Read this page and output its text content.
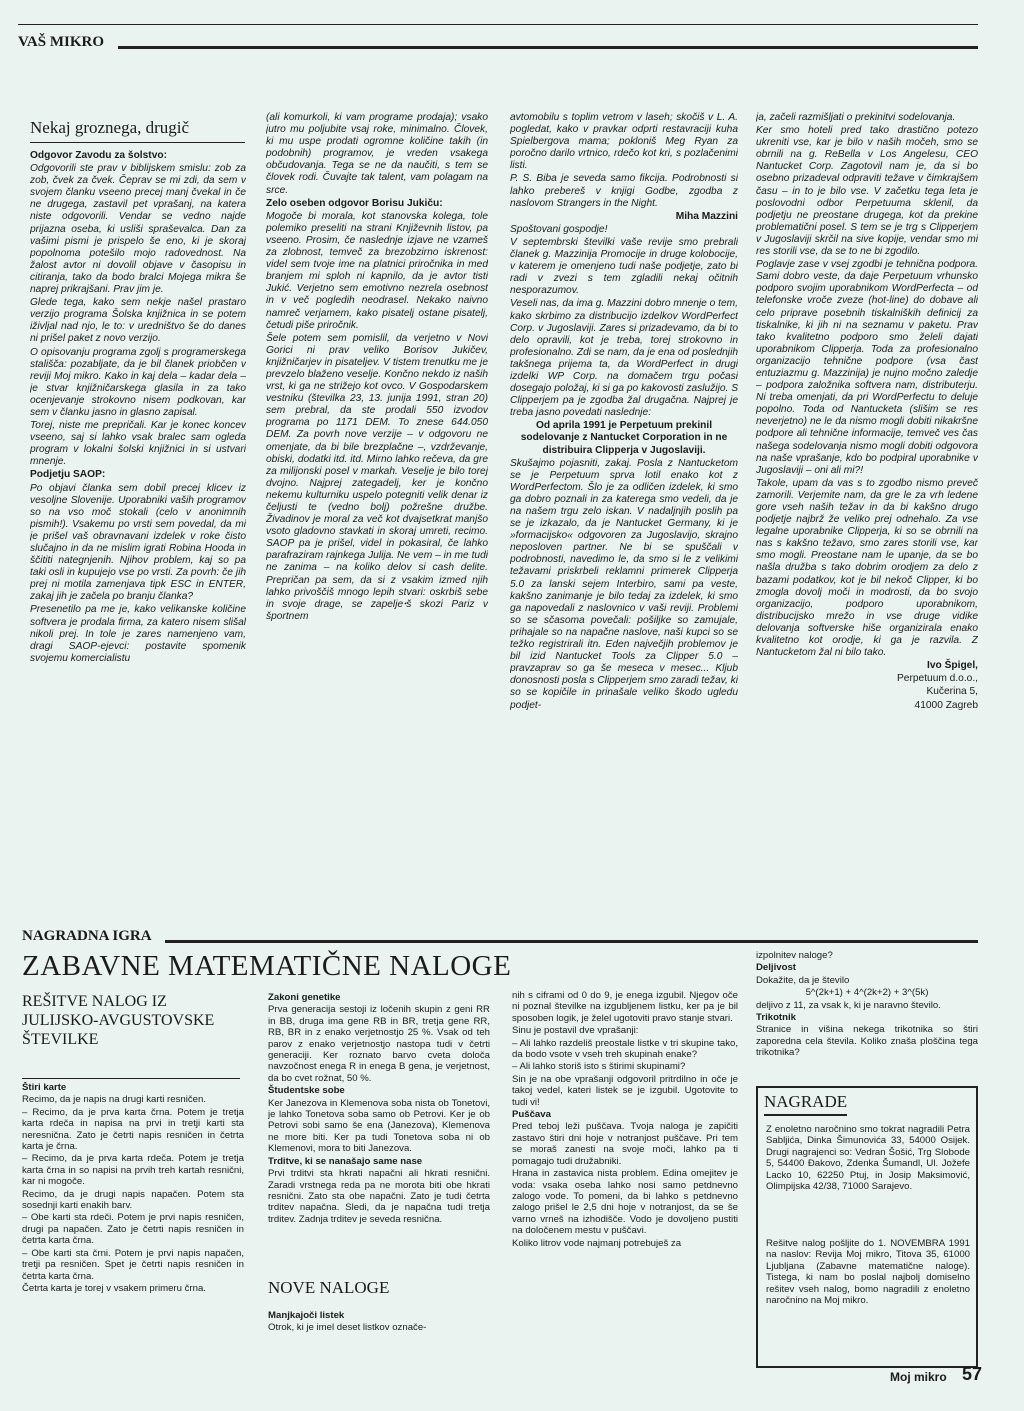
VAŠ MIKRO
Nekaj groznega, drugič

Odgovor Zavodu za šolstvo:

Odgovorili ste prav v biblijskem smislu: zob za zob, čvek za čvek. Čeprav se mi zdi, da sem v svojem članku vseeno precej manj čvekal in če ne drugega, zastavil pet vprašanj, na katera niste odgovorili. Vendar se vedno najde prijazna oseba, ki usliši spraševalca. Dan za vašimi pismi je prispelo še eno, ki je skoraj popolnoma potešilo mojo radovednost. Na žalost avtor ni dovolil objave v časopisu in citiranja, tako da bodo bralci Mojega mikra še naprej prikrajšani. Prav jim je.

Glede tega, kako sem nekje našel prastaro verzijo programa Šolska knjižnica in se potem iživljal nad njo, le to: v uredništvo še do danes ni prišel paket z novo verzijo.

O opisovanju programa zgolj s programerskega stališča: pozabljate, da je bil članek priobčen v reviji Moj mikro. Kako in kaj dela – kadar dela – je stvar knjižničarskega glasila in za tako ocenjevanje strokovno nisem podkovan, kar sem v članku jasno in glasno zapisal.

Torej, niste me prepričali. Kar je konec koncev vseeno, saj si lahko vsak bralec sam ogleda program v lokalni šolski knjižnici in si ustvari mnenje.

Podjetju SAOP:

Po objavi članka sem dobil precej klicev iz vesoljne Slovenije. Uporabniki vaših programov so na vso moč stokali (celo v anonimnih pismih!). Vsakemu po vrsti sem povedal, da mi je prišel vaš obravnavani izdelek v roke čisto slučajno in da ne mislim igrati Robina Hooda in ščititi nategnjenih. Njihov problem, kaj so pa taki osli in kupujejo vse po vrsti. Za povrh: če jih prej ni motila zamenjava tipk ESC in ENTER, zakaj jih je začela po branju članka?

Presenetilo pa me je, kako velikanske količine softvera je prodala firma, za katero nisem slišal nikoli prej. In tole je zares namenjeno vam, dragi SAOP-ejevci: postavite spomenik svojemu komercialistu

(ali komurkoli, ki vam programe prodaja); vsako jutro mu poljubite vsaj roke, minimalno. Človek, ki mu uspe prodati ogromne količine takih (in podobnih) programov, je vreden vsakega občudovanja. Tega se ne da naučiti, s tem se človek rodi. Čuvajte tak talent, vam polagam na srce.

Zelo oseben odgovor Borisu Jukiču:

Mogoče bi morala, kot stanovska kolega, tole polemiko preseliti na strani Književnih listov, pa vseeno. Prosim, če naslednje izjave ne vzameš za zlobnost, temveč za brezobzirno iskrenost: videl sem tvoje ime na platnici priročnika in med branjem mi sploh ni kapnilo, da je avtor tisti Jukić. Verjetno sem emotivno nezrela osebnost in v več pogledih neodrasel. Nekako naivno namreč verjamem, kako pisatelj ostane pisatelj, četudi piše priročnik.

Šele potem sem pomislil, da verjetno v Novi Gorici ni prav veliko Borisov Jukičev, knjižničarjev in pisateljev. V tistem trenutku me je prevzelo blaženo veselje. Končno nekdo iz naših vrst, ki ga ne strižejo kot ovco. V Gospodarskem vestniku (številka 23, 13. junija 1991, stran 20) sem prebral, da ste prodali 550 izvodov programa po 1171 DEM. To znese 644.050 DEM. Za povrh nove verzije – v odgovoru ne omenjate, da bi bile brezplačne –, vzdrževanje, obiski, dodatki itd. itd. Mirno lahko rečeva, da gre za milijonski posel v markah. Veselje je bilo torej dvojno. Najprej zategadelj, ker je končno nekemu kulturniku uspelo potegniti velik denar iz čeljusti te (vedno bolj) požrešne družbe. Živadinov je moral za več kot dvajsetkrat manjšo vsoto gladovno stavkati in skoraj umreti, recimo. SAOP pa je prišel, videl in pokasiral, če lahko parafraziram rajnkega Julija. Ne vem – in me tudi ne zanima – na koliko delov si cash delite. Prepričan pa sem, da si z vsakim izmed njih lahko privoščiš mnogo lepih stvari: oskrbiš sebe in svoje drage, se zapeljeꞏš skozi Pariz v športnem

avtomobilu s toplim vetrom v laseh; skočiš v L. A. pogledat, kako v pravkar odprti restavraciji kuha Spielbergova mama; pokloniš Meg Ryan za poročno darilo vrtnico, rdečo kot kri, s pozlačenimi listi.

P. S. Biba je seveda samo fikcija. Podrobnosti si lahko prebereš v knjigi Godbe, zgodba z naslovom Strangers in the Night.

Miha Mazzini

Spoštovani gospodje!

V septembrski številki vaše revije smo prebrali članek g. Mazzinija Promocije in druge kolobocije, v katerem je omenjeno tudi naše podjetje, zato bi radi v zvezi s tem zgladili nekaj očitnih nesporazumov.

Veseli nas, da ima g. Mazzini dobro mnenje o tem, kako skrbimo za distribucijo izdelkov WordPerfect Corp. v Jugoslaviji. Zares si prizadevamo, da bi to delo opravili, kot je treba, torej strokovno in profesionalno. Zdi se nam, da je ena od poslednjih takšnega prijema ta, da WordPerfect in drugi izdelki WP Corp. na domačem trgu počasi dosegajo položaj, ki si ga po kakovosti zaslužijo. S Clipperjem pa je zgodba žal drugačna. Najprej je treba jasno povedati naslednje:

Od aprila 1991 je Perpetuum prekinil sodelovanje z Nantucket Corporation in ne distribuira Clipperja v Jugoslaviji.

Skušajmo pojasniti, zakaj. Posla z Nantucketom se je Perpetuum sprva lotil enako kot z WordPerfectom. Šlo je za odličen izdelek, ki smo ga dobro poznali in za katerega smo vedeli, da je na našem trgu zelo iskan. V nadaljnjih poslih pa se je izkazalo, da je Nantucket Germany, ki je »formacijsko« odgovoren za Jugoslavijo, skrajno neposloven partner. Ne bi se spuščali v podrobnosti, navedimo le, da smo si le z velikimi težavami priskrbeli reklamni primerek Clipperja 5.0 za lanski sejem Interbiro, sami pa veste, kakšno zanimanje je bilo tedaj za izdelek, ki smo ga napovedali z naslovnico v vaši reviji. Problemi so se sčasoma povečali: pošiljke so zamujale, prihajale so na napačne naslove, naši kupci so se težko registrirali itn. Eden največjih problemov je bil izid Nantucket Tools za Clipper 5.0 – pravzaprav so ga še meseca v mesec... Kljub donosnosti posla s Clipperjem smo zaradi težav, ki so se kopičile in prinašale veliko škodo ugledu podjet-

ja, začeli razmišljati o prekinitvi sodelovanja.

Ker smo hoteli pred tako drastično potezo ukreniti vse, kar je bilo v naših močeh, smo se obrnili na g. ReBella v Los Angelesu, CEO Nantucket Corp. Zagotovil nam je, da si bo osebno prizadeval odpraviti težave v čimkrajšem času – in to je bilo vse. V začetku tega leta je poslovodni odbor Perpetuuma sklenil, da podjetju ne preostane drugega, kot da prekine problematični posel. S tem se je trg s Clipperjem v Jugoslaviji skrčil na sive kopije, vendar smo mi res storili vse, da se to ne bi zgodilo.

Poglavje zase v vsej zgodbi je tehnična podpora. Sami dobro veste, da daje Perpetuum vrhunsko podporo svojim uporabnikom WordPerfecta – od telefonske vroče zveze (hot-line) do dobave ali celo priprave posebnih tiskalniških definicij za tiskalnike, ki jih ni na seznamu v paketu. Prav tako kvalitetno podporo smo želeli dajati uporabnikom Clipperja. Toda za profesionalno organizacijo tehnične podpore (vsa čast entuziazmu g. Mazzinija) je nujno močno zaledje – podpora založnika softvera nam, distributerju. Ni treba omenjati, da pri WordPerfectu to deluje popolno. Toda od Nantucketa (slišim se res neverjetno) ne le da nismo mogli dobiti nikakršne podpore ali tehnične informacije, temveč ves čas našega sodelovanja nismo mogli dobiti odgovora na naše vprašanje, kdo bo podpiral uporabnike v Jugoslaviji – oni ali mi?!

Takole, upam da vas s to zgodbo nismo preveč zamorili. Verjemite nam, da gre le za vrh ledene gore vseh naših težav in da bi kakšno drugo podjetje najbrž že veliko prej odnehalo. Za vse legalne uporabnike Clipperja, ki so se obrnili na nas s kakšno težavo, smo zares storili vse, kar smo mogli. Preostane nam le upanje, da se bo našla družba s tako dobrim orodjem za delo z bazami podatkov, kot je bil nekoč Clipper, ki bo zmogla dovolj moči in modrosti, da bo svojo organizacijo, podporo uporabnikom, distribucijsko mrežo in vse druge vidike delovanja softverske hiše organizirala enako kvalitetno kot orodje, ki ga je razvila. Z Nantucketom žal ni bilo tako.

Ivo Špigel,

Perpetuum d.o.o.,

Kučerina 5,

41000 Zagreb

NAGRADNA IGRA
ZABAVNE MATEMATIČNE NALOGE
REŠITVE NALOG IZ JULIJSKO-AVGUSTOVSKE ŠTEVILKE

Štiri karte

Recimo, da je napis na drugi karti resničen.

– Recimo, da je prva karta črna. Potem je tretja karta rdeča in napisa na prvi in tretji karti sta neresnična. Zato je četrti napis resničen in četrta karta je črna.

– Recimo, da je prva karta rdeča. Potem je tretja karta črna in so napisi na prvih treh kartah resnični, kar ni mogoče.

Recimo, da je drugi napis napačen. Potem sta sosednji karti enakih barv.

– Obe karti sta rdeči. Potem je prvi napis resničen, drugi pa napačen. Zato je četrti napis resničen in četrta karta črna.

– Obe karti sta črni. Potem je prvi napis napačen, tretji pa resničen. Spet je četrti napis resničen in četrta karta črna.

Četrta karta je torej v vsakem primeru črna.

Zakoni genetike

Prva generacija sestoji iz ločenih skupin z geni RR in BB, druga ima gene RB in BR, tretja gene RR, RB, BR in z enako verjetnostjo 25 %. Vsak od teh parov z enako verjetnostjo nastopa tudi v četrti generaciji. Ker roznato barvo cveta določa navzočnost enega R in enega B gena, je verjetnost, da bo cvet rožnat, 50 %.

Študentske sobe

Ker Janezova in Klemenova soba nista ob Tonetovi, je lahko Tonetova soba samo ob Petrovi. Ker je ob Petrovi sobi samo še ena (Janezova), Klemenova ne more biti. Ker pa tudi Tonetova soba ni ob Klemenovi, mora to biti Janezova.

Trditve, ki se nanašajo same nase

Prvi trditvi sta hkrati napačni ali hkrati resnični. Zaradi vrstnega reda pa ne morota biti obe hkrati resnični. Zato sta obe napačni. Zato je tudi četrta trditev napačna. Sledi, da je napačna tudi tretja trditev. Zadnja trditev je seveda resnična.

NOVE NALOGE

Manjkajoči listek

Otrok, ki je imel deset listkov označe-

nih s ciframi od 0 do 9, je enega izgubil. Njegov oče ni poznal številke na izgubljenem listku, ker pa je bil sposoben logik, je želel ugotoviti pravo stanje stvari.

Sinu je postavil dve vprašanji:

– Ali lahko razdeliš preostale listke v tri skupine tako, da bodo vsote v vseh treh skupinah enake?

– Ali lahko storiš isto s štirimi skupinami?

Sin je na obe vprašanji odgovoril pritrdilno in oče je takoj vedel, kateri listek se je izgubil. Ugotovite to tudi vi!

Puščava

Pred teboj leži puščava. Tvoja naloga je zapičiti zastavo štiri dni hoje v notranjost puščave. Pri tem se moraš zanesti na svoje moči, lahko pa ti pomagajo tudi družabniki.

Hrana in zastavica nista problem. Edina omejitev je voda: vsaka oseba lahko nosi samo petdnevno zalogo vode. To pomeni, da bi lahko s petdnevno zalogo prišel le 2,5 dni hoje v notranjost, da se še varno vrneš na izhodišče. Vodo je dovoljeno pustiti na določenem mestu v puščavi.

Koliko litrov vode najmanj potrebuješ za

izpolnitev naloge?

Deljivost

Dokažite, da je število

5^(2k+1) + 4^(2k+2) + 3^(5k)

deljivo z 11, za vsak k, ki je naravno število.

Trikotnik

Stranice in višina nekega trikotnika so štiri zaporedna cela števila. Koliko znaša ploščina tega trikotnika?

NAGRADE
Z enoletno naročnino smo tokrat nagradili Petra Sabljića, Dinka Šimunovića 33, 54000 Osijek. Drugi nagrajenci so: Vedran Šošić, Trg Slobode 5, 54400 Đakovo, Zdenka Šumandl, Ul. Jožefe Lacko 10, 62250 Ptuj, in Josip Maksimović, Olimpijska 42/38, 71000 Sarajevo.
Rešitve nalog pošljite do 1. NOVEMBRA 1991 na naslov: Revija Moj mikro, Titova 35, 61000 Ljubljana (Zabavne matematične naloge). Tistega, ki nam bo poslal najbolj domiselno rešitev vseh nalog, bomo nagradili z enoletno naročnino na Moj mikro.
Moj mikro 57
